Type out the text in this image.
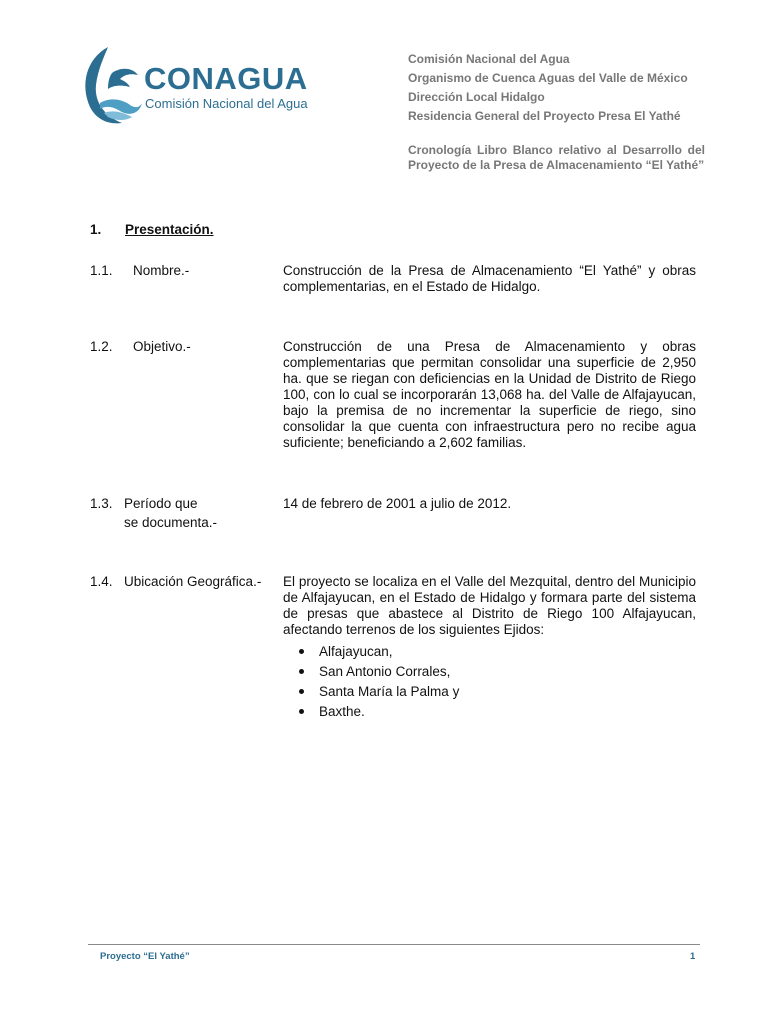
CONAGUA
Comisión Nacional del Agua
Comisión Nacional del Agua
Organismo de Cuenca Aguas del Valle de México
Dirección Local Hidalgo
Residencia General del Proyecto Presa El Yathé
Cronología Libro Blanco relativo al Desarrollo del Proyecto de la Presa de Almacenamiento “El Yathé”
1. Presentación.
1.1. Nombre.-	Construcción de la Presa de Almacenamiento “El Yathé” y obras complementarias, en el Estado de Hidalgo.
1.2. Objetivo.-	Construcción de una Presa de Almacenamiento y obras complementarias que permitan consolidar una superficie de 2,950 ha. que se riegan con deficiencias en la Unidad de Distrito de Riego 100, con lo cual se incorporarán 13,068 ha. del Valle de Alfajayucan, bajo la premisa de no incrementar la superficie de riego, sino consolidar la que cuenta con infraestructura pero no recibe agua suficiente; beneficiando a 2,602 familias.
1.3. Período que
se documenta.-
14 de febrero de 2001 a julio de 2012.
1.4. Ubicación Geográfica.- El proyecto se localiza en el Valle del Mezquital, dentro del Municipio de Alfajayucan, en el Estado de Hidalgo y formara parte del sistema de presas que abastece al Distrito de Riego 100 Alfajayucan, afectando terrenos de los siguientes Ejidos:
Alfajayucan,
San Antonio Corrales,
Santa María la Palma y
Baxthe.
Proyecto “El Yathé”	1
